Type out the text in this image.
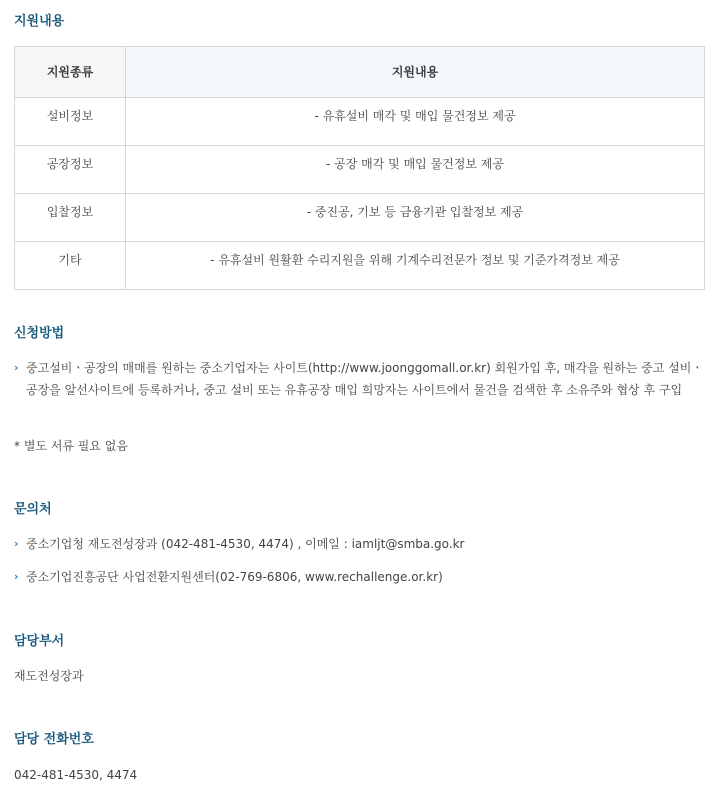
지원내용
지원종류	지원내용
설비정보	- 유휴설비 매각 및 매입 물건정보 제공
공장정보	- 공장 매각 및 매입 물건정보 제공
입찰정보	- 중진공, 기보 등 금융기관 입찰정보 제공
기타	- 유휴설비 원활환 수리지원을 위해 기계수리전문가 정보 및 기준가격정보 제공
신청방법
› 중고설비ㆍ공장의 매매를 원하는 중소기업자는 사이트(http://www.joonggomall.or.kr) 회원가입 후, 매각을 원하는 중고 설비ㆍ공장을 알선사이트에 등록하거나, 중고 설비 또는 유휴공장 매입 희망자는 사이트에서 물건을 검색한 후 소유주와 협상 후 구입
* 별도 서류 필요 없음
문의처
› 중소기업청 재도전성장과 (042-481-4530, 4474) , 이메일 : iamljt@smba.go.kr
› 중소기업진흥공단 사업전환지원센터(02-769-6806, www.rechallenge.or.kr)
담당부서
재도전성장과
담당 전화번호
042-481-4530, 4474
